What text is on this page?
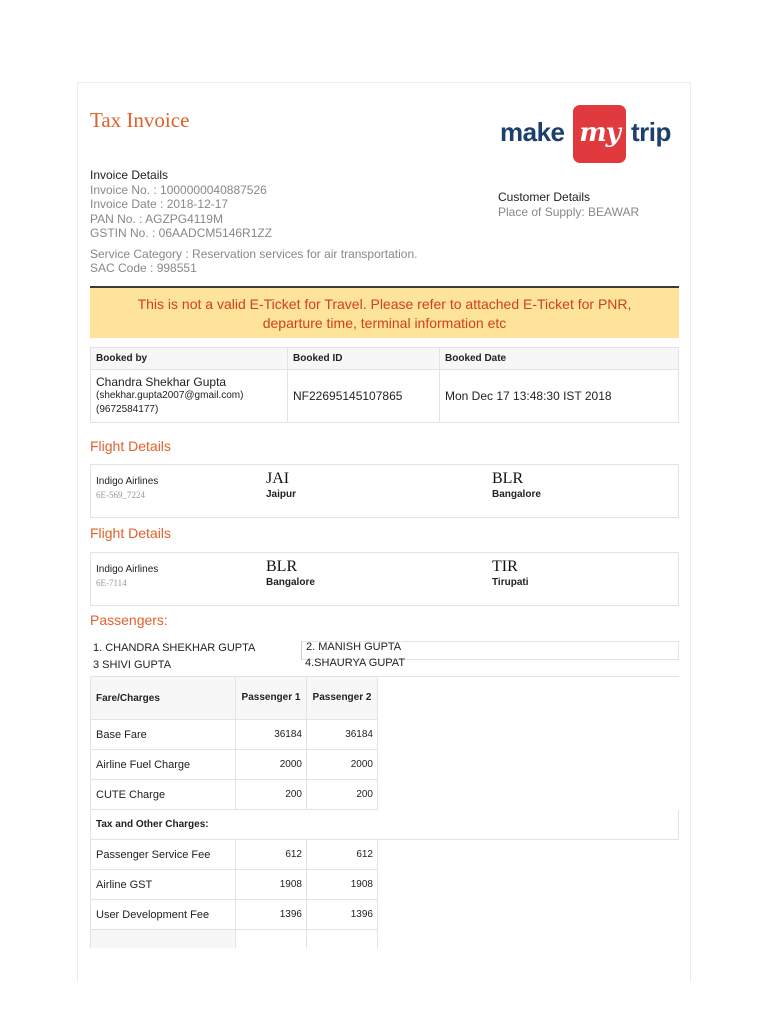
Tax Invoice	make my trip
Invoice Details
Invoice No. : 1000000040887526
Invoice Date : 2018-12-17
PAN No. : AGZPG4119M
GSTIN No. : 06AADCM5146R1ZZ
Service Category : Reservation services for air transportation.
SAC Code : 998551
Customer Details
Place of Supply: BEAWAR
This is not a valid E-Ticket for Travel. Please refer to attached E-Ticket for PNR,
departure time, terminal information etc
Booked by	Booked ID	Booked Date
Chandra Shekhar Gupta
(shekhar.gupta2007@gmail.com)
(9672584177)
NF22695145107865	Mon Dec 17 13:48:30 IST 2018
Flight Details
Indigo Airlines
6E-569_7224
JAI
Jaipur
BLR
Bangalore
Flight Details
Indigo Airlines
6E-7114
BLR
Bangalore
TIR
Tirupati
Passengers:
1. CHANDRA SHEKHAR GUPTA
3 SHIVI GUPTA
2. MANISH GUPTA
4.SHAURYA GUPAT
Fare/Charges	Passenger 1	Passenger 2
Base Fare	36184	36184
Airline Fuel Charge	2000	2000
CUTE Charge	200	200
Tax and Other Charges:
Passenger Service Fee	612	612
Airline GST	1908	1908
User Development Fee	1396	1396
